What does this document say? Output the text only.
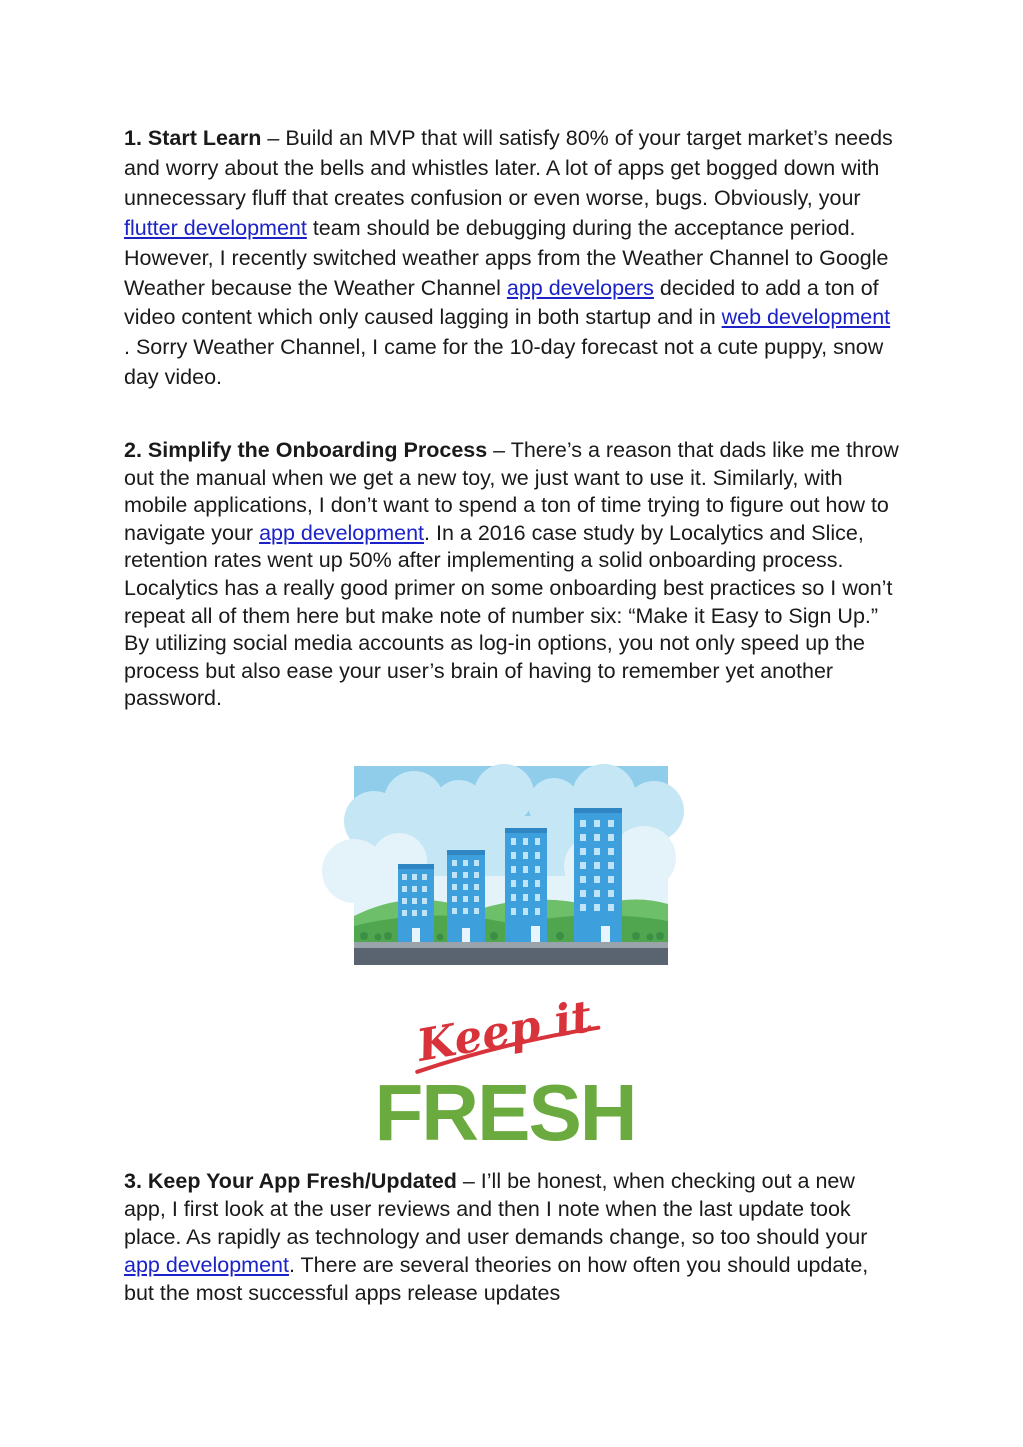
1. Start Learn – Build an MVP that will satisfy 80% of your target market’s needs and worry about the bells and whistles later. A lot of apps get bogged down with unnecessary fluff that creates confusion or even worse, bugs. Obviously, your flutter development team should be debugging during the acceptance period. However, I recently switched weather apps from the Weather Channel to Google Weather because the Weather Channel app developers decided to add a ton of video content which only caused lagging in both startup and in web development . Sorry Weather Channel, I came for the 10-day forecast not a cute puppy, snow day video.

2. Simplify the Onboarding Process – There’s a reason that dads like me throw out the manual when we get a new toy, we just want to use it. Similarly, with mobile applications, I don’t want to spend a ton of time trying to figure out how to navigate your app development. In a 2016 case study by Localytics and Slice, retention rates went up 50% after implementing a solid onboarding process. Localytics has a really good primer on some onboarding best practices so I won’t repeat all of them here but make note of number six: “Make it Easy to Sign Up.” By utilizing social media accounts as log-in options, you not only speed up the process but also ease your user’s brain of having to remember yet another password.

3. Keep Your App Fresh/Updated – I’ll be honest, when checking out a new app, I first look at the user reviews and then I note when the last update took place. As rapidly as technology and user demands change, so too should your app development. There are several theories on how often you should update, but the most successful apps release updates

Keep it
FRESH
